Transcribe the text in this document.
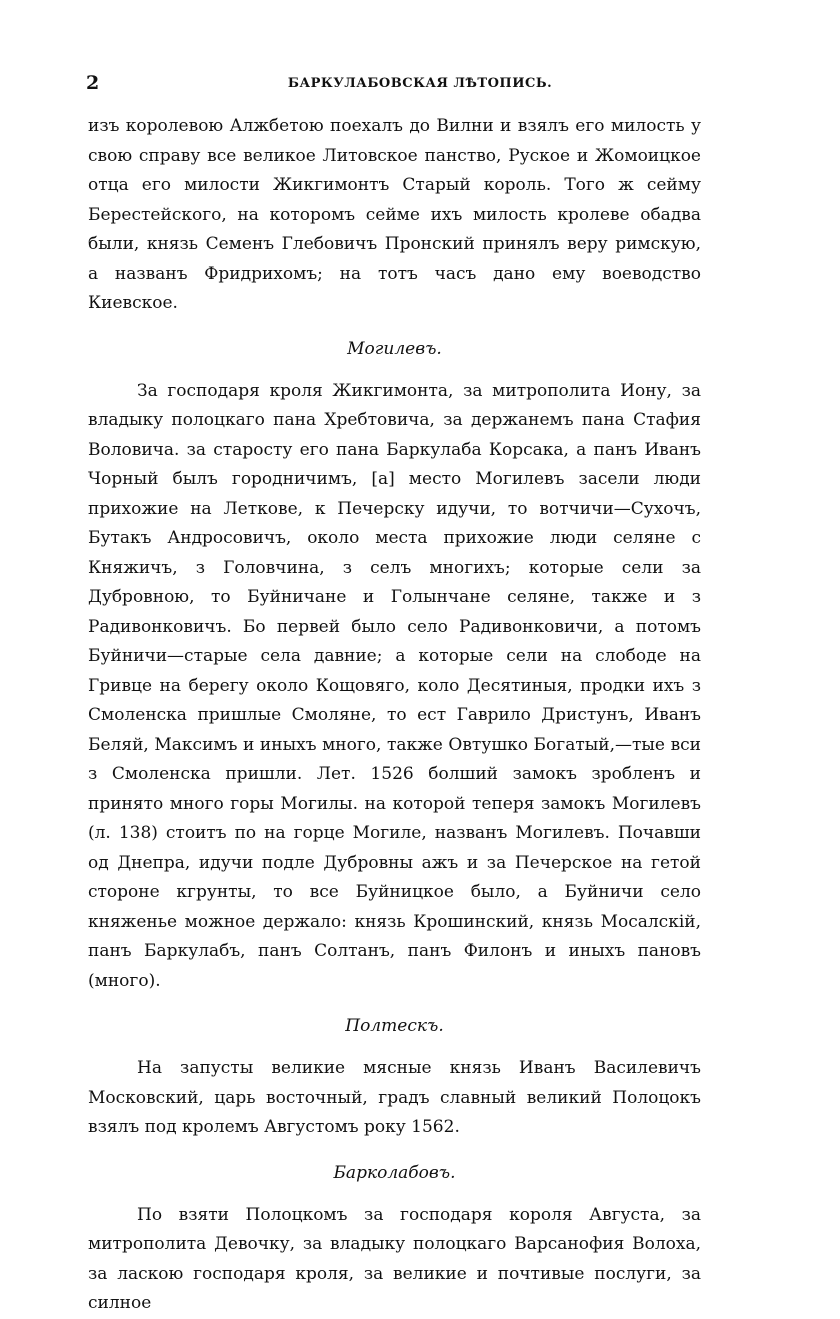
2	БАРКУЛАБОВСКАЯ ЛѢТОПИСЬ.

изъ королевою Алжбетою поехалъ до Вилни и взялъ его милость у свою справу все великое Литовское панство, Руское и Жомоицкое отца его милости Жикгимонтъ Старый король. Того ж сейму Берестейского, на которомъ сейме ихъ милость кролеве обадва были, князь Семенъ Глебовичъ Пронский принялъ веру римскую, а названъ Фридрихомъ; на тотъ часъ дано ему воеводство Киевское.

Могилевъ.

За господаря кроля Жикгимонта, за митрополита Иону, за владыку полоцкаго пана Хребтовича, за держанемъ пана Стафия Воловича. за старосту его пана Баркулаба Корсака, а панъ Иванъ Чорный былъ городничимъ, [а] место Могилевъ засели люди прихожие на Леткове, к Печерску идучи, то вотчичи—Сухочъ, Бутакъ Андросовичъ, около места прихожие люди селяне с Княжичъ, з Головчина, з селъ многихъ; которые сели за Дубровною, то Буйничане и Голынчане селяне, также и з Радивонковичъ. Бо первей было село Радивонковичи, а потомъ Буйничи—старые села давние; а которые сели на слободе на Гривце на берегу около Кощовяго, коло Десятиныя, продки ихъ з Смоленска пришлые Смоляне, то ест Гаврило Дристунъ, Иванъ Беляй, Максимъ и иныхъ много, также Овтушко Богатый,—тые вси з Смоленска пришли. Лет. 1526 болший замокъ зробленъ и принято много горы Могилы. на которой теперя замокъ Могилевъ (л. 138) стоитъ по на горце Могиле, названъ Могилевъ. Почавши од Днепра, идучи подле Дубровны ажъ и за Печерское на гетой стороне кгрунты, то все Буйницкое было, а Буйничи село княженье можное держало: князь Крошинский, князь Мосалскій, панъ Баркулабъ, панъ Солтанъ, панъ Филонъ и иныхъ пановъ (много).

Полтескъ.

На запусты великие мясные князь Иванъ Василевичъ Московский, царь восточный, градъ славный великий Полоцокъ взялъ под кролемъ Августомъ року 1562.

Барколабовъ.

По взяти Полоцкомъ за господаря короля Августа, за митрополита Девочку, за владыку полоцкаго Варсанофия Волоха, за ласкою господаря кроля, за великие и почтивые послуги, за силное
